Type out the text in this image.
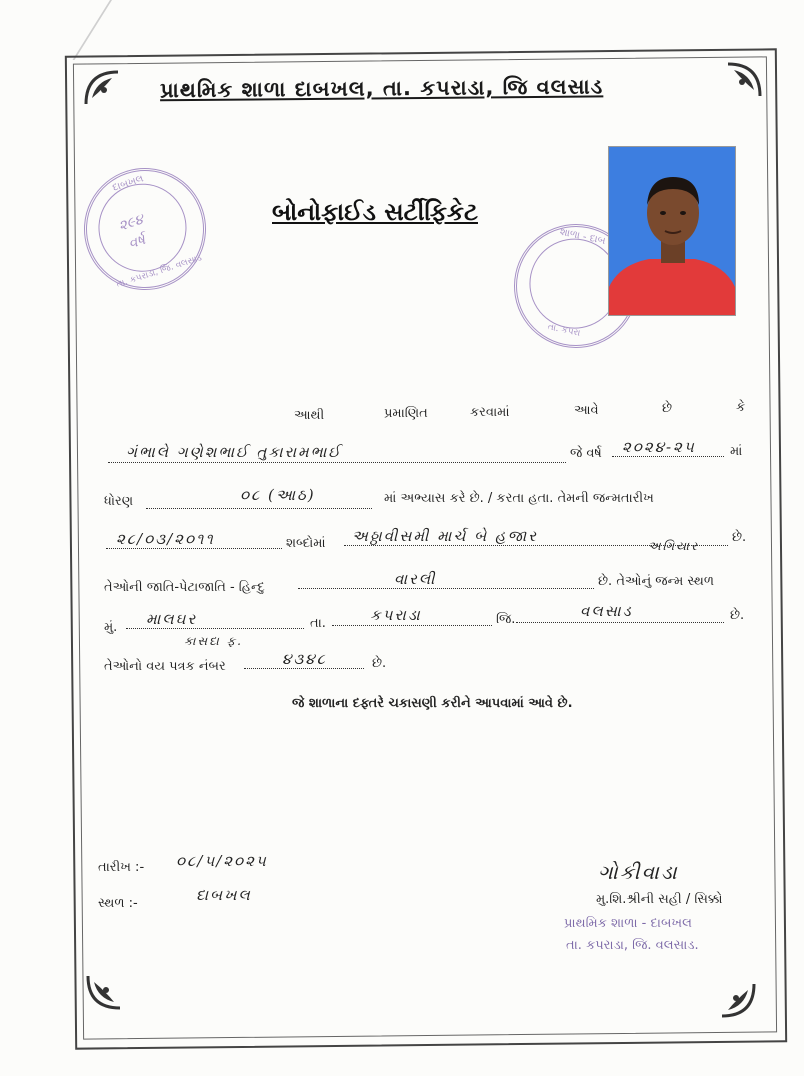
પ્રાથમિક શાળા દાબખલ, તા. કપરાડા, જિ વલસાડ
દાબખલ
૨૯૪
વર્ષ
તા. કપરાડા, જિ. વલસાડ
બોનોફાઈડ સર્ટીફિકેટ
શાળા - દાબ
તા. કપરા
આથી	પ્રમાણિત	કરવામાં	આવે	છે	કે
ગંભાલે ગણેશભાઈ તુકારામભાઈ	જે વર્ષ ૨૦૨૪-૨૫	માં
ધોરણ	૦૮ (આઠ)	માં અભ્યાસ કરે છે. / કરતા હતા. તેમની જન્મતારીખ
૨૮/૦૩/૨૦૧૧	શબ્દોમાં અઠ્ઠાવીસમી માર્ચ બે હજાર
અગિયાર
છે.
તેઓની જાતિ-પેટાજાતિ - હિન્દુ	વારલી	છે. તેઓનું જન્મ સ્થળ
મું. માલઘર
કાસદા ફ.
તા.	કપરાડા	જિ.	વલસાડ	છે.
તેઓનો વય પત્રક નંબર	૪૩૪૮	છે.
જે શાળાના દફ્તરે ચકાસણી કરીને આપવામાં આવે છે.
તારીખ :- ૦૮/૫/૨૦૨૫
સ્થળ :-	દાબખલ
ગોકીવાડા
મુ.શિ.શ્રીની સહી / સિક્કો
પ્રાથમિક શાળા - દાબખલ
તા. કપરાડા, જિ. વલસાડ.
